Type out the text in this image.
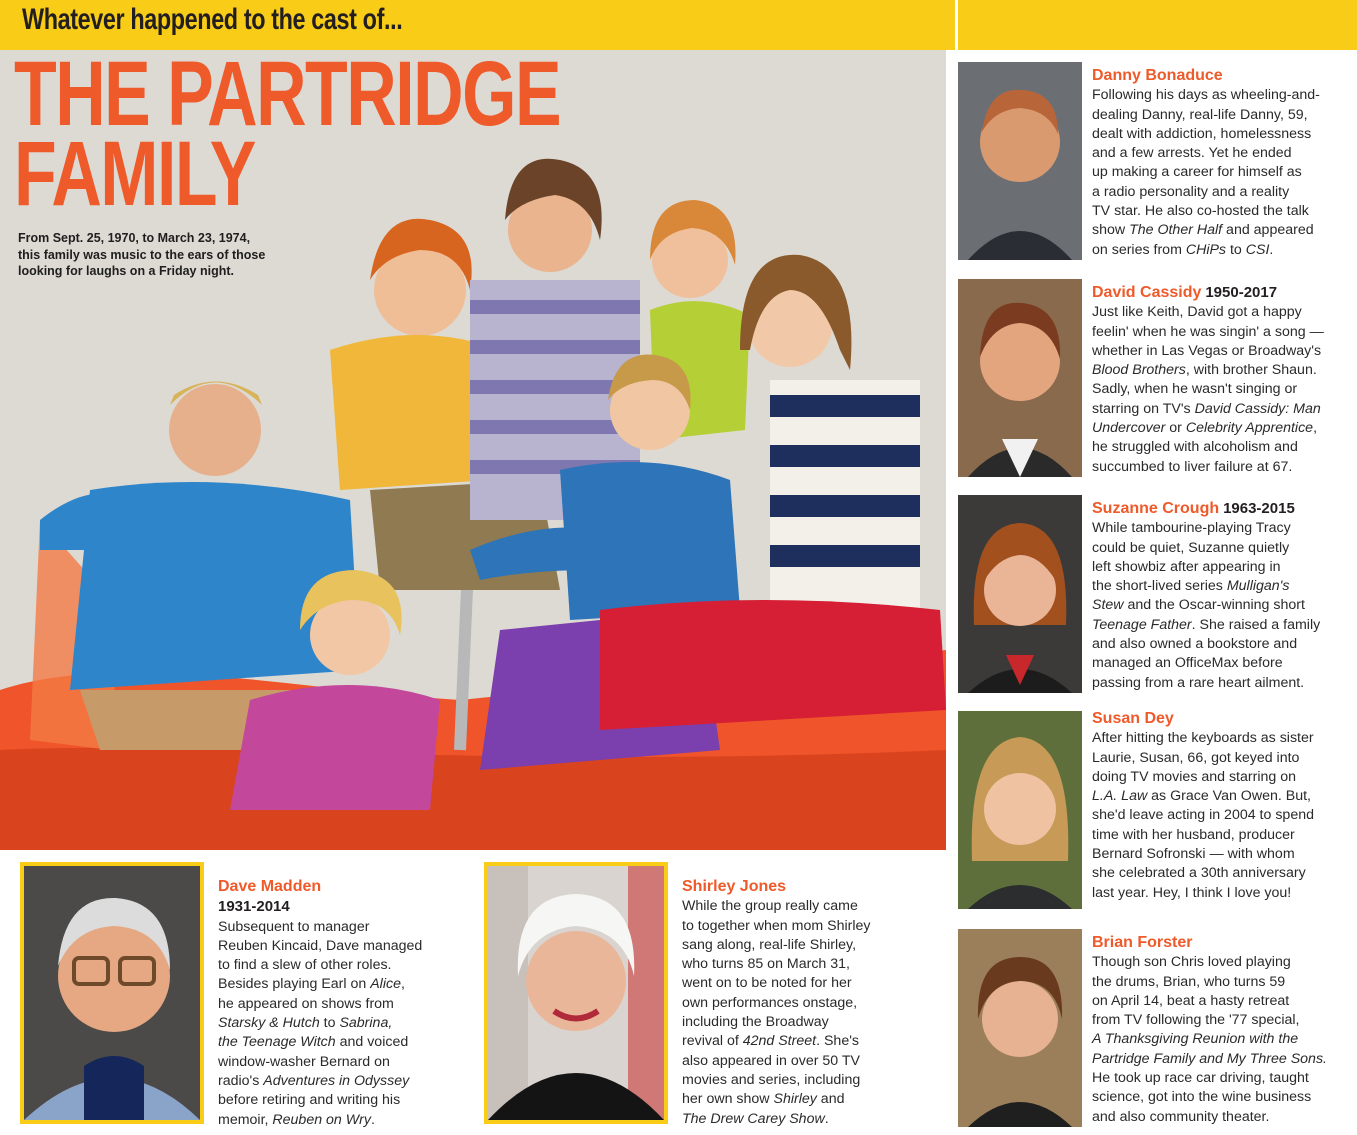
Whatever happened to the cast of...
THE PARTRIDGE
FAMILY
From Sept. 25, 1970, to March 23, 1974, this family was music to the ears of those looking for laughs on a Friday night.
Danny Bonaduce
Following his days as wheeling-and-
dealing Danny, real-life Danny, 59,
dealt with addiction, homelessness
and a few arrests. Yet he ended
up making a career for himself as
a radio personality and a reality
TV star. He also co-hosted the talk
show The Other Half and appeared
on series from CHiPs to CSI.
David Cassidy 1950-2017
Just like Keith, David got a happy
feelin' when he was singin' a song —
whether in Las Vegas or Broadway's
Blood Brothers, with brother Shaun.
Sadly, when he wasn't singing or
starring on TV's David Cassidy: Man
Undercover or Celebrity Apprentice,
he struggled with alcoholism and
succumbed to liver failure at 67.
Suzanne Crough 1963-2015
While tambourine-playing Tracy
could be quiet, Suzanne quietly
left showbiz after appearing in
the short-lived series Mulligan's
Stew and the Oscar-winning short
Teenage Father. She raised a family
and also owned a bookstore and
managed an OfficeMax before
passing from a rare heart ailment.
Susan Dey
After hitting the keyboards as sister
Laurie, Susan, 66, got keyed into
doing TV movies and starring on
L.A. Law as Grace Van Owen. But,
she'd leave acting in 2004 to spend
time with her husband, producer
Bernard Sofronski — with whom
she celebrated a 30th anniversary
last year. Hey, I think I love you!
Brian Forster
Though son Chris loved playing
the drums, Brian, who turns 59
on April 14, beat a hasty retreat
from TV following the '77 special,
A Thanksgiving Reunion with the
Partridge Family and My Three Sons.
He took up race car driving, taught
science, got into the wine business
and also community theater.
Dave Madden
1931-2014
Subsequent to manager
Reuben Kincaid, Dave managed
to find a slew of other roles.
Besides playing Earl on Alice,
he appeared on shows from
Starsky & Hutch to Sabrina,
the Teenage Witch and voiced
window-washer Bernard on
radio's Adventures in Odyssey
before retiring and writing his
memoir, Reuben on Wry.
Shirley Jones
While the group really came
to together when mom Shirley
sang along, real-life Shirley,
who turns 85 on March 31,
went on to be noted for her
own performances onstage,
including the Broadway
revival of 42nd Street. She's
also appeared in over 50 TV
movies and series, including
her own show Shirley and
The Drew Carey Show.
